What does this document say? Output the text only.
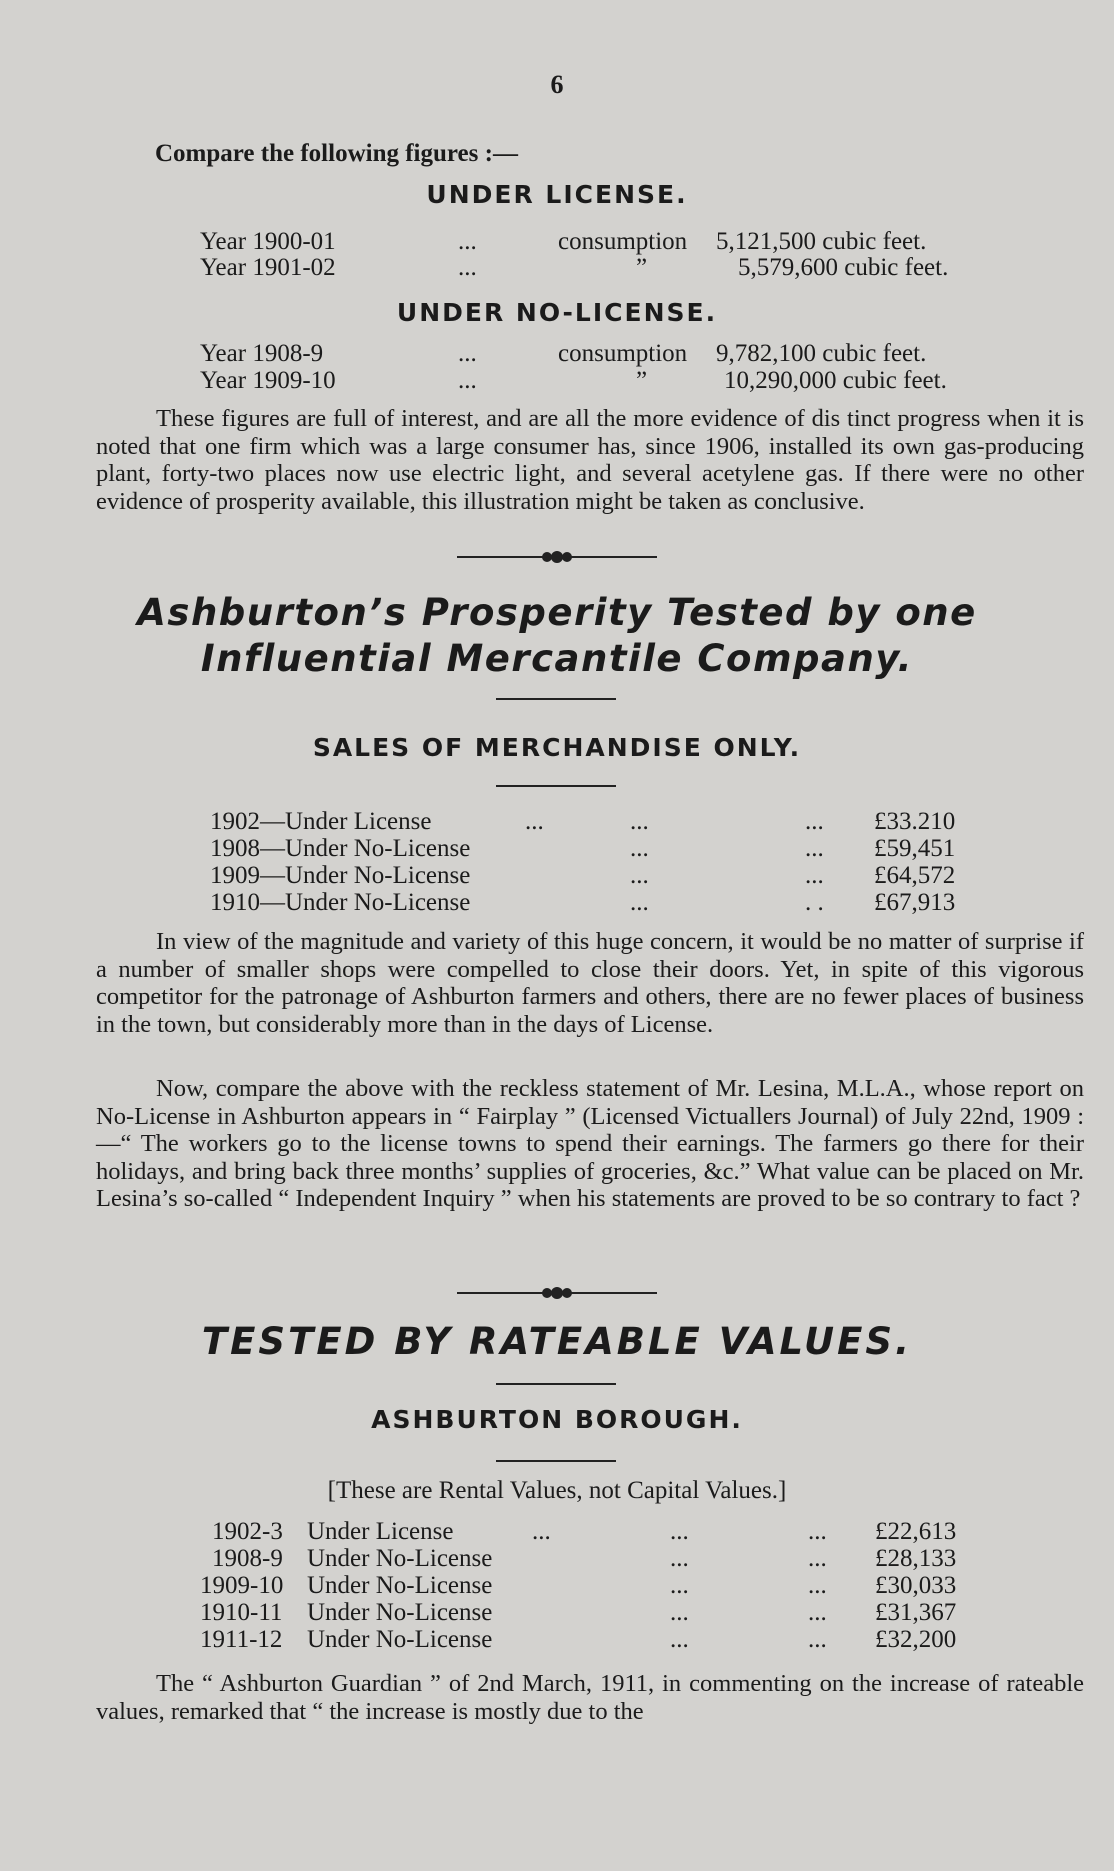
6
Compare the following figures :—
UNDER LICENSE.
Year 1900-01	...	consumption 5,121,500 cubic feet.
Year 1901-02	...	”	5,579,600 cubic feet.
UNDER NO-LICENSE.
Year 1908-9	...	consumption 9,782,100 cubic feet.
Year 1909-10	...	”	10,290,000 cubic feet.
These figures are full of interest, and are all the more evidence of dis tinct progress when it is noted that one firm which was a large consumer has, since 1906, installed its own gas-producing plant, forty-two places now use electric light, and several acetylene gas. If there were no other evidence of prosperity available, this illustration might be taken as conclusive.
Ashburton’s Prosperity Tested by one
Influential Mercantile Company.
SALES OF MERCHANDISE ONLY.
1902—Under License	...	...	... £33.210
1908—Under No-License	...	... £59,451
1909—Under No-License	...	... £64,572
1910—Under No-License	...	. . £67,913
In view of the magnitude and variety of this huge concern, it would be no matter of surprise if a number of smaller shops were compelled to close their doors. Yet, in spite of this vigorous competitor for the patronage of Ashburton farmers and others, there are no fewer places of business in the town, but considerably more than in the days of License.
Now, compare the above with the reckless statement of Mr. Lesina, M.L.A., whose report on No-License in Ashburton appears in “ Fairplay ” (Licensed Victuallers Journal) of July 22nd, 1909 :—“ The workers go to the license towns to spend their earnings. The farmers go there for their holidays, and bring back three months’ supplies of groceries, &c.” What value can be placed on Mr. Lesina’s so-called “ Independent Inquiry ” when his statements are proved to be so contrary to fact ?
TESTED BY RATEABLE VALUES.
ASHBURTON BOROUGH.
[These are Rental Values, not Capital Values.]
1902-3 Under License	...	...	... £22,613
1908-9 Under No-License	...	... £28,133
1909-10 Under No-License	...	... £30,033
1910-11 Under No-License	...	... £31,367
1911-12 Under No-License	...	... £32,200
The “ Ashburton Guardian ” of 2nd March, 1911, in commenting on the increase of rateable values, remarked that “ the increase is mostly due to the
